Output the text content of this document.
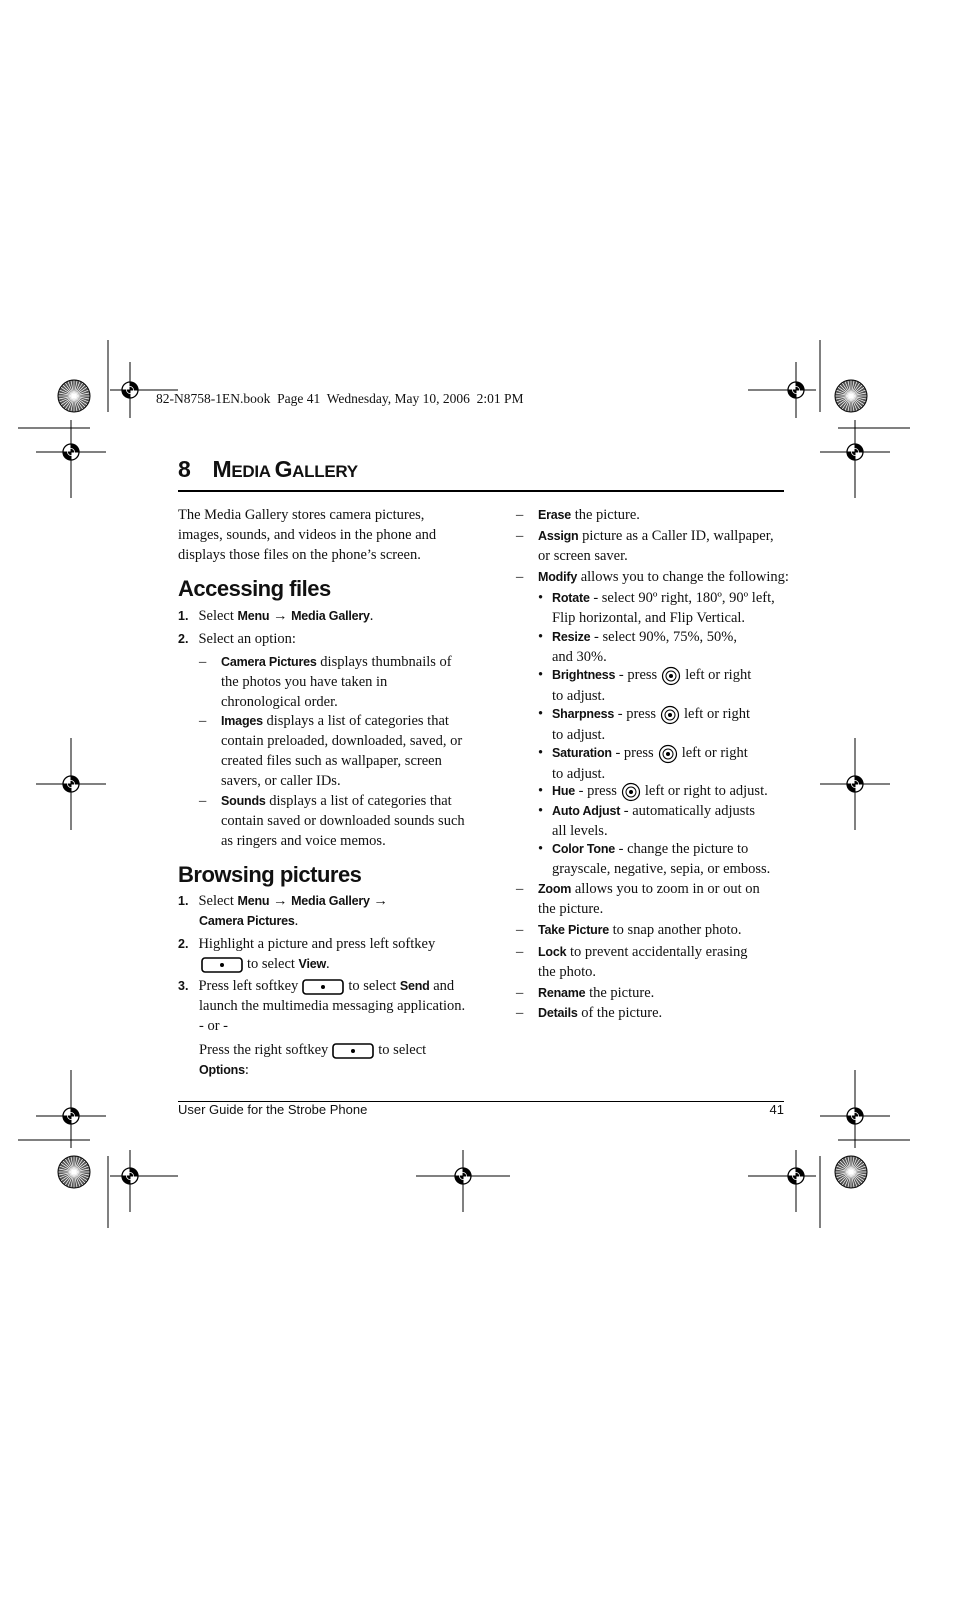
82-N8758-1EN.book  Page 41  Wednesday, May 10, 2006  2:01 PM
8 MEDIA GALLERY
The Media Gallery stores camera pictures,
images, sounds, and videos in the phone and
displays those files on the phone’s screen.
Accessing files
1. Select Menu → Media Gallery.
2. Select an option:
– Camera Pictures displays thumbnails of
the photos you have taken in
chronological order.
– Images displays a list of categories that
contain preloaded, downloaded, saved, or
created files such as wallpaper, screen
savers, or caller IDs.
– Sounds displays a list of categories that
contain saved or downloaded sounds such
as ringers and voice memos.
Browsing pictures
1. Select Menu → Media Gallery →
Camera Pictures.
2. Highlight a picture and press left softkey
to select View.
3. Press left softkey	to select Send and
launch the multimedia messaging application.
- or -
Press the right softkey	to select
Options:
–	Erase the picture.
– Assign picture as a Caller ID, wallpaper,
or screen saver.
–	Modify allows you to change the following:
• Rotate - select 90º right, 180º, 90º left,
Flip horizontal, and Flip Vertical.
• Resize - select 90%, 75%, 50%,
and 30%.
• Brightness - press left or right
to adjust.
• Sharpness - press left or right
to adjust.
• Saturation - press left or right
to adjust.
• Hue - press left or right to adjust.
• Auto Adjust - automatically adjusts
all levels.
• Color Tone - change the picture to
grayscale, negative, sepia, or emboss.
– Zoom allows you to zoom in or out on
the picture.
–	Take Picture to snap another photo.
– Lock to prevent accidentally erasing
the photo.
–	Rename the picture.
–	Details of the picture.
User Guide for the Strobe Phone	41
